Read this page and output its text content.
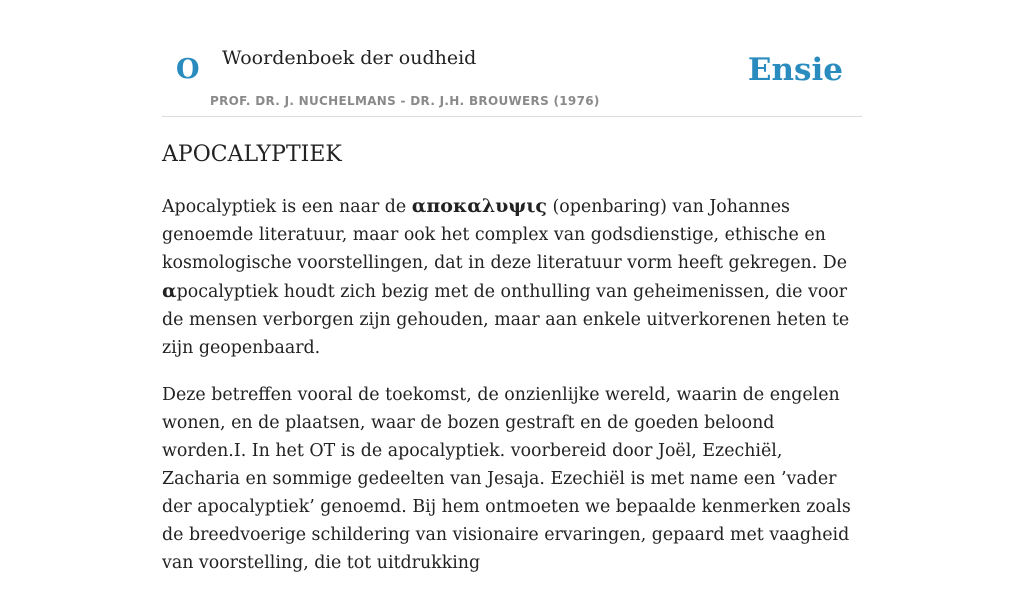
O Woordenboek der oudheid
PROF. DR. J. NUCHELMANS - DR. J.H. BROUWERS (1976)
Ensie
APOCALYPTIEK

Apocalyptiek is een naar de αποκαλυψις (openbaring) van Johannes genoemde literatuur, maar ook het complex van godsdienstige, ethische en kosmologische voorstellingen, dat in deze literatuur vorm heeft gekregen. De αpocalyptiek houdt zich bezig met de onthulling van geheimenissen, die voor de mensen verborgen zijn gehouden, maar aan enkele uitverkorenen heten te zijn geopenbaard.

Deze betreffen vooral de toekomst, de onzienlijke wereld, waarin de engelen wonen, en de plaatsen, waar de bozen gestraft en de goeden beloond worden.I. In het OT is de apocalyptiek. voorbereid door Joël, Ezechiël, Zacharia en sommige gedeelten van Jesaja. Ezechiël is met name een ’vader der apocalyptiek’ genoemd. Bij hem ontmoeten we bepaalde kenmerken zoals de breedvoerige schildering van visionaire ervaringen, gepaard met vaagheid van voorstelling, die tot uitdrukking
